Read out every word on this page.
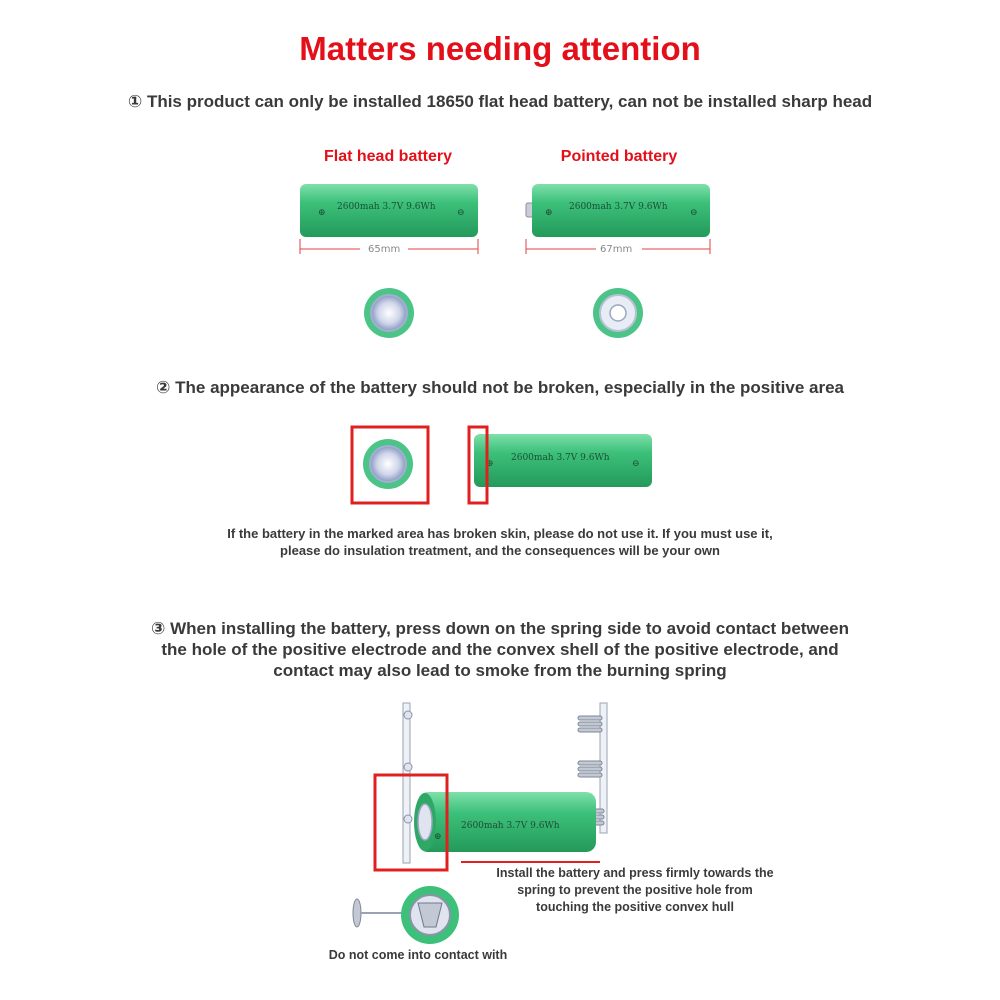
Matters needing attention
① This product can only be installed 18650 flat head battery, can not be installed sharp head
Flat head battery	Pointed battery
⊕
2600mah 3.7V 9.6Wh
⊖
65mm
⊕
2600mah 3.7V 9.6Wh
⊖
67mm
② The appearance of the battery should not be broken, especially in the positive area
⊕
2600mah 3.7V 9.6Wh
⊖
If the battery in the marked area has broken skin, please do not use it. If you must use it,
please do insulation treatment, and the consequences will be your own
③ When installing the battery, press down on the spring side to avoid contact between
the hole of the positive electrode and the convex shell of the positive electrode, and
contact may also lead to smoke from the burning spring
⊕
2600mah 3.7V 9.6Wh
Install the battery and press firmly towards the
spring to prevent the positive hole from
touching the positive convex hull
Do not come into contact with
